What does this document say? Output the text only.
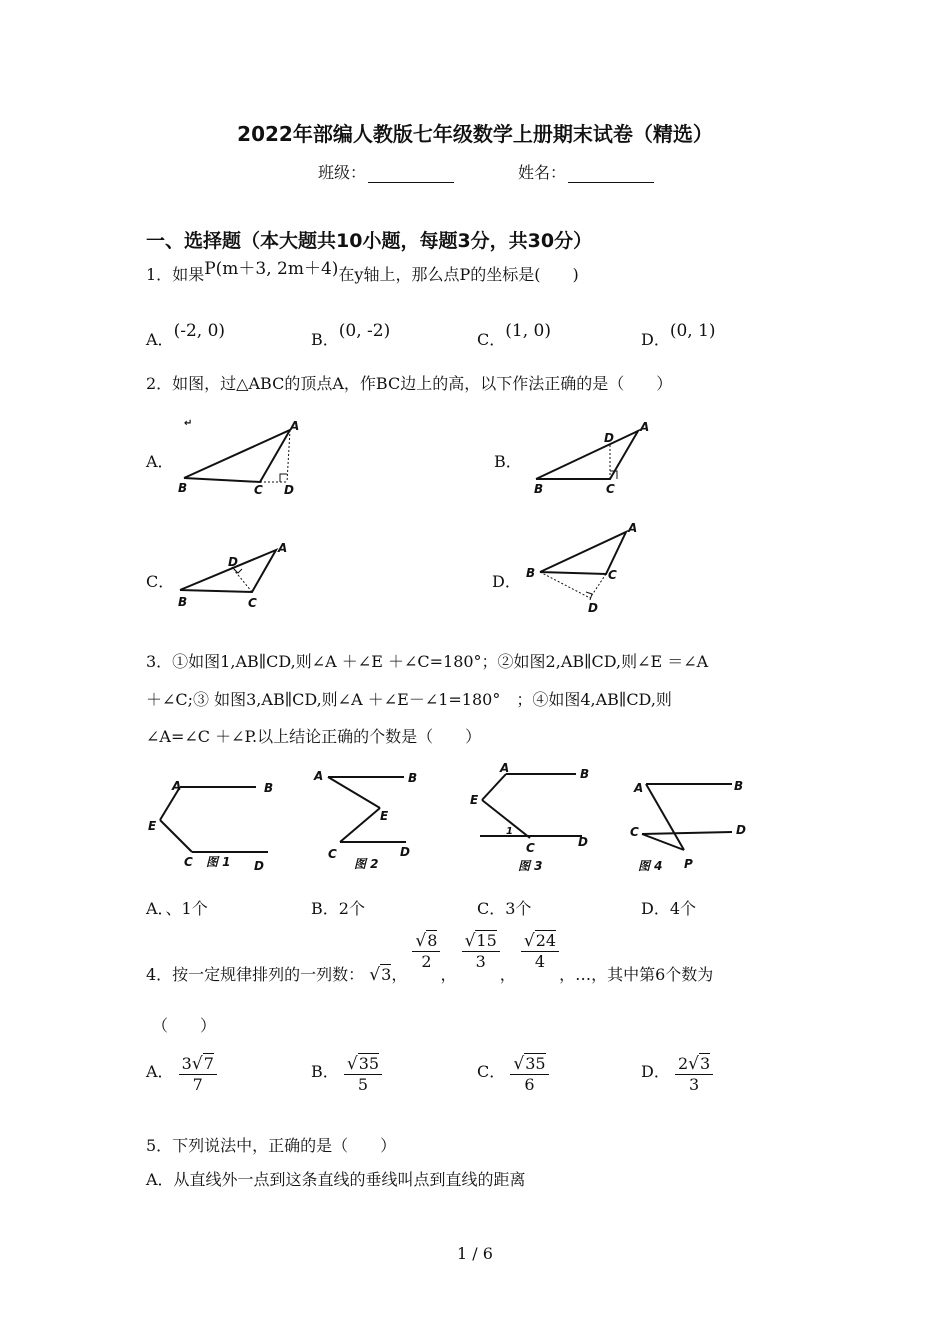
2022年部编人教版七年级数学上册期末试卷（精选）
班级：	姓名：
一、选择题（本大题共10小题，每题3分，共30分）
1．如果P(m＋3, 2m＋4)在y轴上，那么点P的坐标是(　　)
A．(-2, 0)	B．(0, -2)	C．(1, 0)	D．(0, 1)
2．如图，过△ABC的顶点A，作BC边上的高，以下作法正确的是（　　）
A．	B．
C．	D．
↵	A
B	C D
A
B	C
D
A
B	C
D
A
B	C
D
3．①如图1,AB∥CD,则∠A ＋∠E ＋∠C=180°；②如图2,AB∥CD,则∠E ＝∠A
＋∠C;③ 如图3,AB∥CD,则∠A ＋∠E－∠1=180°　；④如图4,AB∥CD,则
∠A=∠C ＋∠P.以上结论正确的个数是（　　）
A	B
E
C 图 1 D
A	B
E
C
图 2
D
A	B
E
1
C	D
图 3
A	B
C	D
P
图 4
A．、1个	B．2个	C．3个	D．4个
4．按一定规律排列的一列数： √3，
$\frac{√8}{2}$
，
$\frac{√15}{3}$
，
$\frac{√24}{4}$
，…，其中第6个数为
（　　）
A． $\frac{3√7}{7}$	B． $\frac{√35}{5}$	C． $\frac{√35}{6}$	D． $\frac{2√3}{3}$
5．下列说法中，正确的是（　　）
A．从直线外一点到这条直线的垂线叫点到直线的距离
1 / 6
